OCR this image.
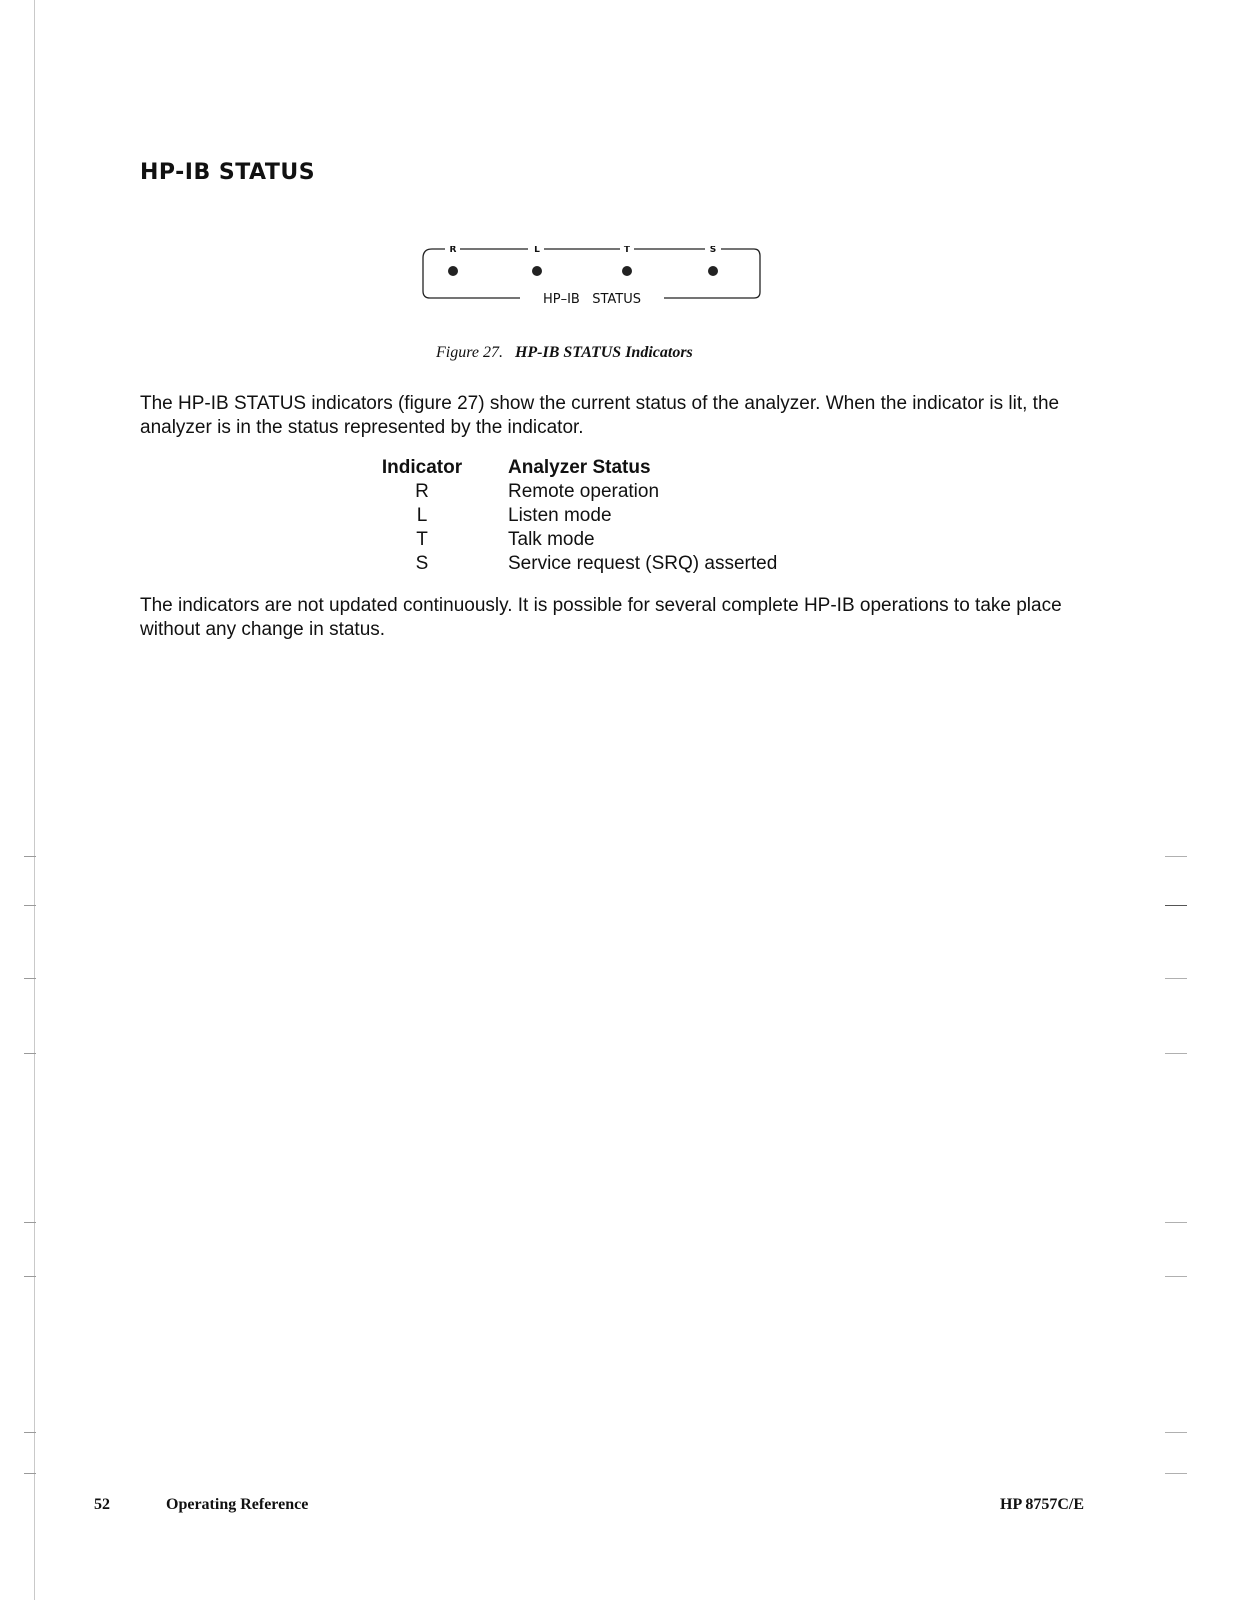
HP-IB STATUS
R	L	T	S
HP–IB   STATUS

Figure 27. HP-IB STATUS Indicators

The HP-IB STATUS indicators (figure 27) show the current status of the analyzer. When the indicator is lit, the analyzer is in the status represented by the indicator.

Indicator	Analyzer Status
R	Remote operation
L	Listen mode
T	Talk mode
S	Service request (SRQ) asserted

The indicators are not updated continuously. It is possible for several complete HP-IB operations to take place without any change in status.

52	Operating Reference	HP 8757C/E
